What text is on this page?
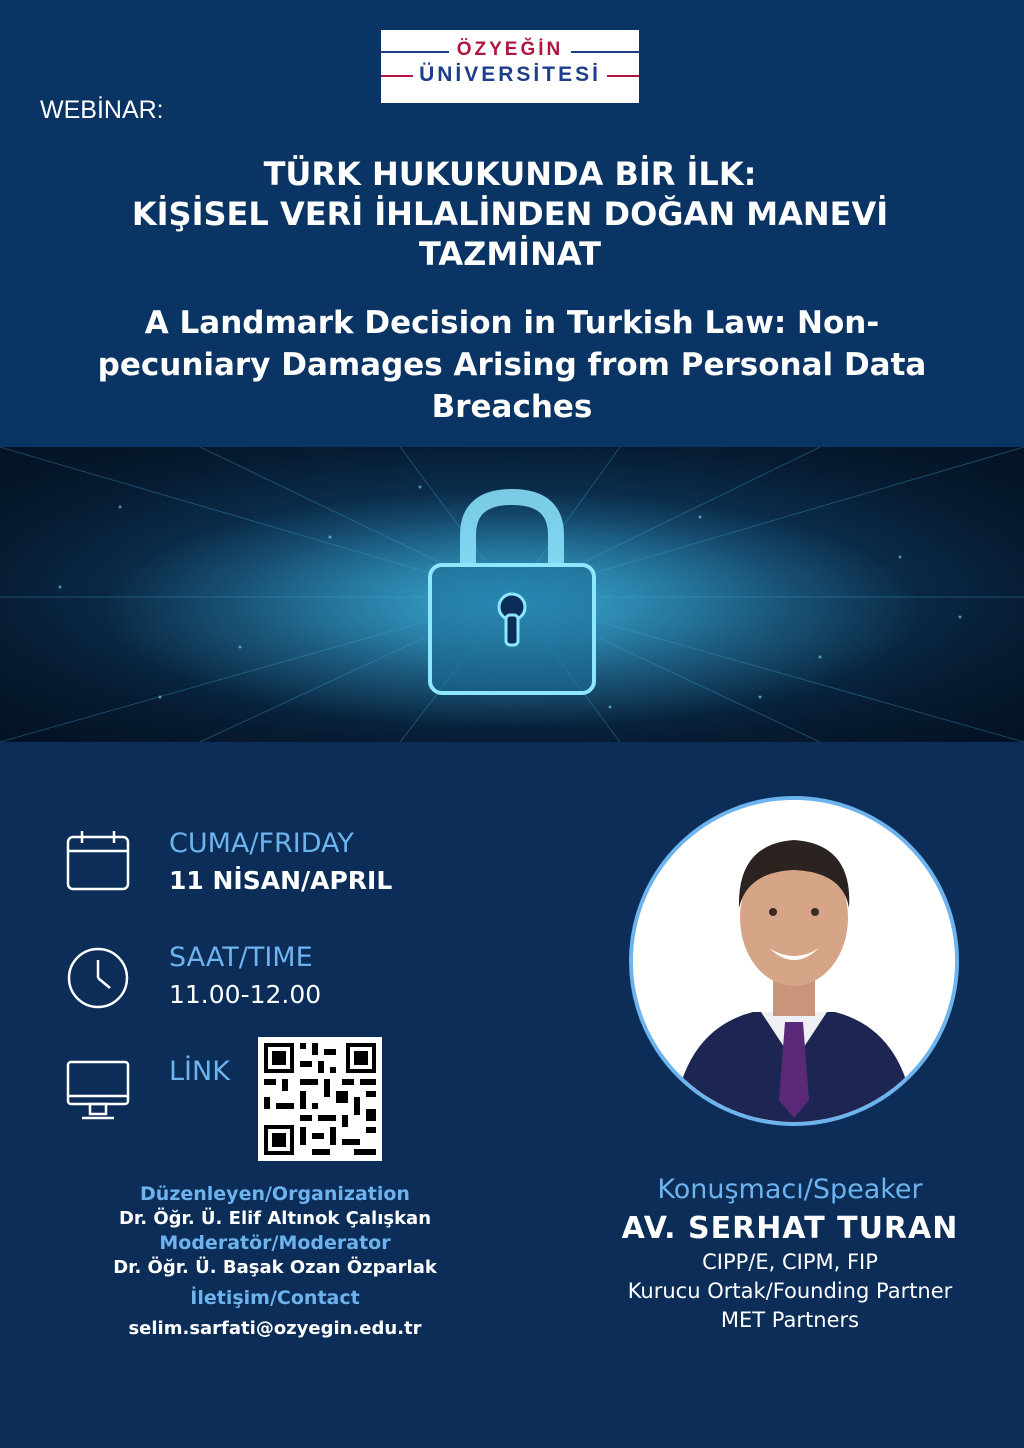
ÖZYEĞİN
ÜNİVERSİTESİ
WEBİNAR:
TÜRK HUKUKUNDA BİR İLK:
KİŞİSEL VERİ İHLALİNDEN DOĞAN MANEVİ
TAZMİNAT
A Landmark Decision in Turkish Law: Non-
pecuniary Damages Arising from Personal Data
Breaches
CUMA/FRIDAY
11 NİSAN/APRIL
SAAT/TIME
11.00-12.00
LİNK
Düzenleyen/Organization
Dr. Öğr. Ü. Elif Altınok Çalışkan
Moderatör/Moderator
Dr. Öğr. Ü. Başak Ozan Özparlak
İletişim/Contact
selim.sarfati@ozyegin.edu.tr
Konuşmacı/Speaker
AV. SERHAT TURAN
CIPP/E, CIPM, FIP
Kurucu Ortak/Founding Partner
MET Partners
